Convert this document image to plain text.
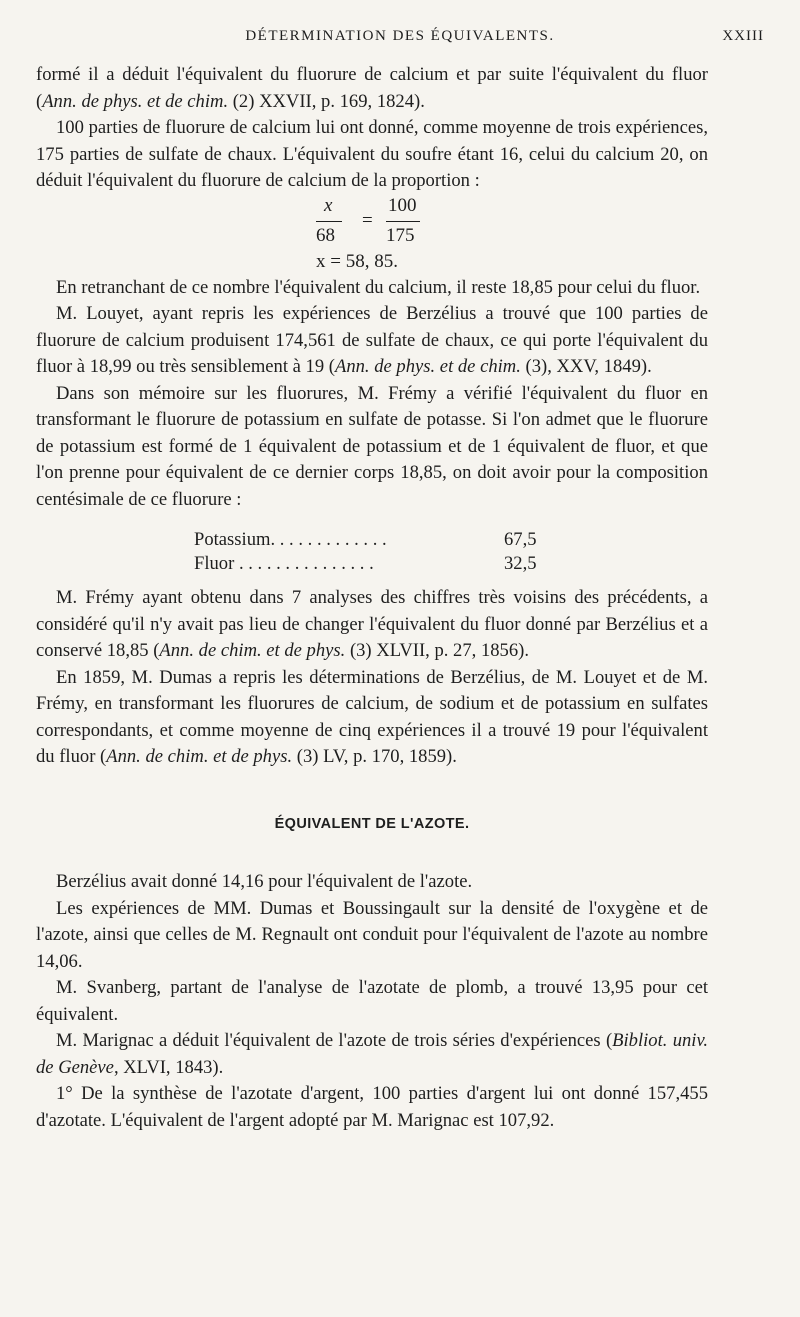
DÉTERMINATION DES ÉQUIVALENTS.	XXIII

formé il a déduit l'équivalent du fluorure de calcium et par suite l'équivalent du fluor (Ann. de phys. et de chim. (2) XXVII, p. 169, 1824).

100 parties de fluorure de calcium lui ont donné, comme moyenne de trois expériences, 175 parties de sulfate de chaux. L'équivalent du soufre étant 16, celui du calcium 20, on déduit l'équivalent du fluorure de calcium de la proportion :

x
=
100
68	175
x = 58, 85.

En retranchant de ce nombre l'équivalent du calcium, il reste 18,85 pour celui du fluor.

M. Louyet, ayant repris les expériences de Berzélius a trouvé que 100 parties de fluorure de calcium produisent 174,561 de sulfate de chaux, ce qui porte l'équivalent du fluor à 18,99 ou très sensiblement à 19 (Ann. de phys. et de chim. (3), XXV, 1849).

Dans son mémoire sur les fluorures, M. Frémy a vérifié l'équivalent du fluor en transformant le fluorure de potassium en sulfate de potasse. Si l'on admet que le fluorure de potassium est formé de 1 équivalent de potassium et de 1 équivalent de fluor, et que l'on prenne pour équivalent de ce dernier corps 18,85, on doit avoir pour la composition centésimale de ce fluorure :

Potassium. . . . . . . . . . . . .	67,5
Fluor . . . . . . . . . . . . . . .	32,5

M. Frémy ayant obtenu dans 7 analyses des chiffres très voisins des précédents, a considéré qu'il n'y avait pas lieu de changer l'équivalent du fluor donné par Berzélius et a conservé 18,85 (Ann. de chim. et de phys. (3) XLVII, p. 27, 1856).

En 1859, M. Dumas a repris les déterminations de Berzélius, de M. Louyet et de M. Frémy, en transformant les fluorures de calcium, de sodium et de potassium en sulfates correspondants, et comme moyenne de cinq expériences il a trouvé 19 pour l'équivalent du fluor (Ann. de chim. et de phys. (3) LV, p. 170, 1859).

ÉQUIVALENT DE L'AZOTE.

Berzélius avait donné 14,16 pour l'équivalent de l'azote.

Les expériences de MM. Dumas et Boussingault sur la densité de l'oxygène et de l'azote, ainsi que celles de M. Regnault ont conduit pour l'équivalent de l'azote au nombre 14,06.

M. Svanberg, partant de l'analyse de l'azotate de plomb, a trouvé 13,95 pour cet équivalent.

M. Marignac a déduit l'équivalent de l'azote de trois séries d'expériences (Bibliot. univ. de Genève, XLVI, 1843).

1° De la synthèse de l'azotate d'argent, 100 parties d'argent lui ont donné 157,455 d'azotate. L'équivalent de l'argent adopté par M. Marignac est 107,92.
